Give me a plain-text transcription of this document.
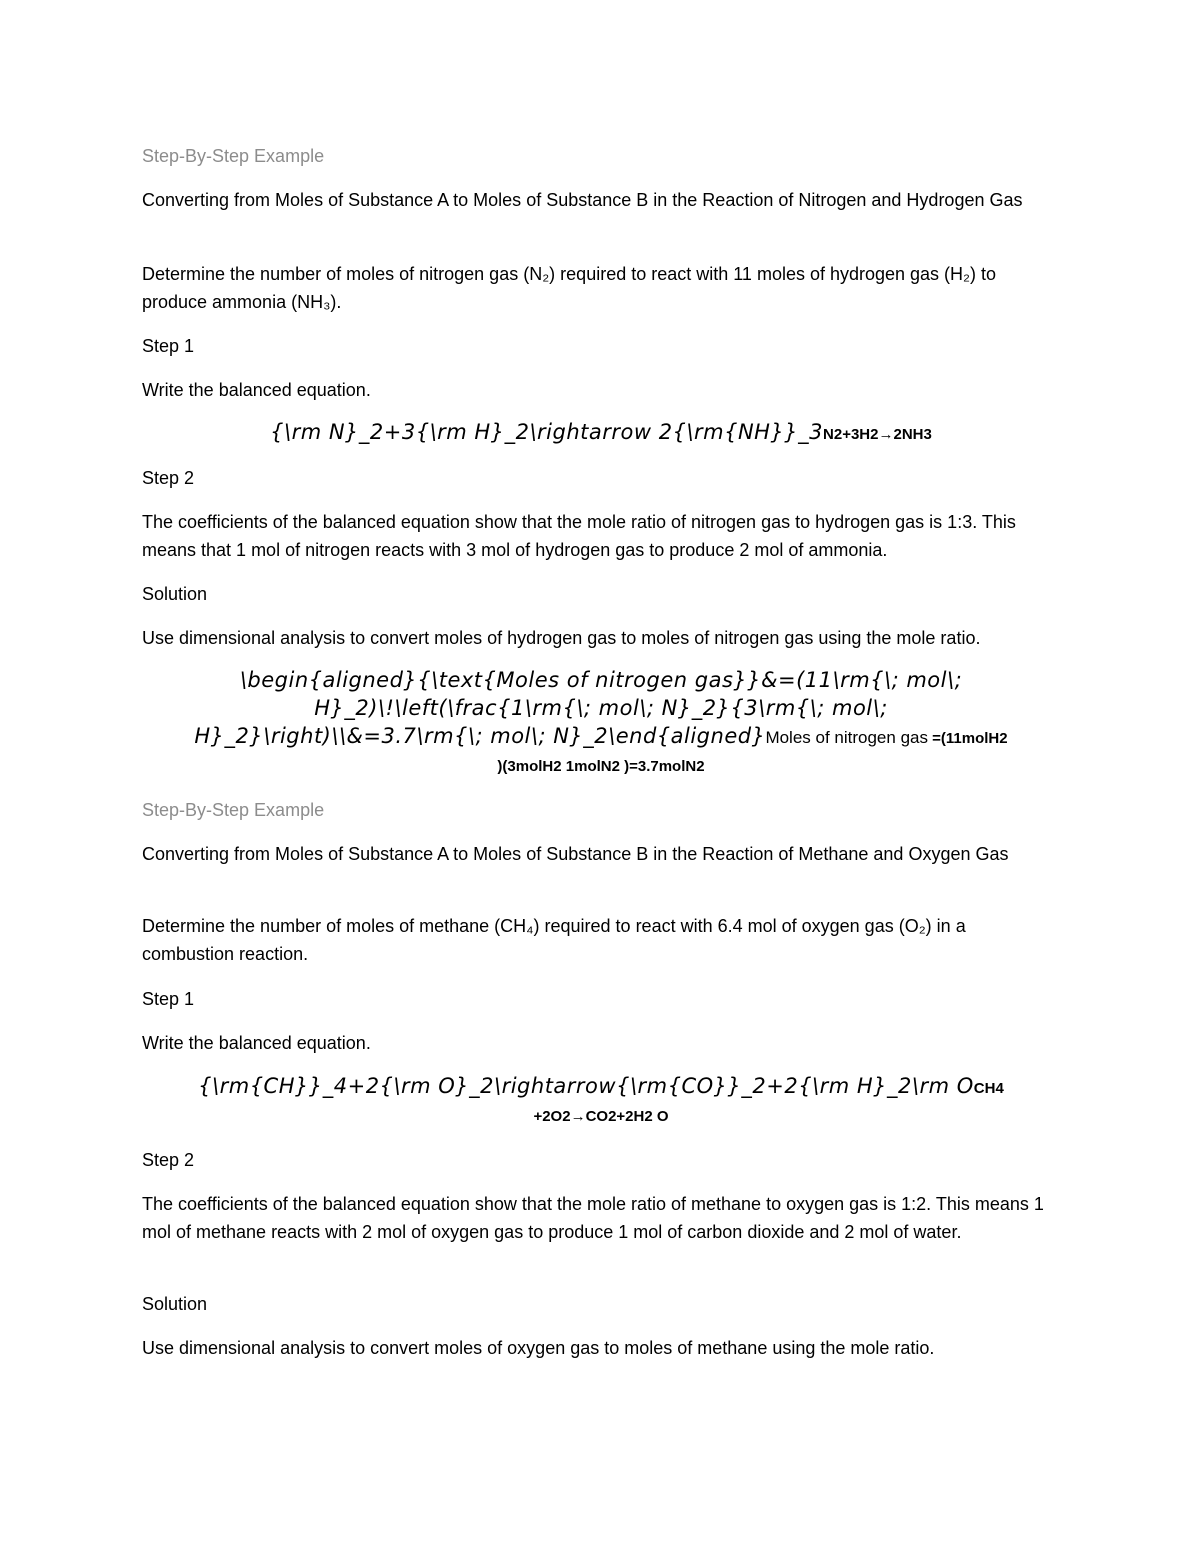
Step-By-Step Example
Converting from Moles of Substance A to Moles of Substance B in the Reaction of Nitrogen and Hydrogen Gas
Determine the number of moles of nitrogen gas (N₂) required to react with 11 moles of hydrogen gas (H₂) to produce ammonia (NH₃).
Step 1
Write the balanced equation.
{\rm N}_2+3{\rm H}_2\rightarrow 2{\rm{NH}}_3N2+3H2→2NH3
Step 2
The coefficients of the balanced equation show that the mole ratio of nitrogen gas to hydrogen gas is 1:3. This means that 1 mol of nitrogen reacts with 3 mol of hydrogen gas to produce 2 mol of ammonia.
Solution
Use dimensional analysis to convert moles of hydrogen gas to moles of nitrogen gas using the mole ratio.
\begin{aligned}{\text{Moles of nitrogen gas}}&=(11\rm{\; mol\;
H}_2)\!\left(\frac{1\rm{\; mol\; N}_2}{3\rm{\; mol\;
H}_2}\right)\\&=3.7\rm{\; mol\; N}_2\end{aligned}Moles of nitrogen gas =(11molH2
)(3molH2 1molN2 )=3.7molN2
Step-By-Step Example
Converting from Moles of Substance A to Moles of Substance B in the Reaction of Methane and Oxygen Gas
Determine the number of moles of methane (CH₄) required to react with 6.4 mol of oxygen gas (O₂) in a combustion reaction.
Step 1
Write the balanced equation.
{\rm{CH}}_4+2{\rm O}_2\rightarrow{\rm{CO}}_2+2{\rm H}_2\rm OCH4
+2O2→CO2+2H2 O
Step 2
The coefficients of the balanced equation show that the mole ratio of methane to oxygen gas is 1:2. This means 1 mol of methane reacts with 2 mol of oxygen gas to produce 1 mol of carbon dioxide and 2 mol of water.
Solution
Use dimensional analysis to convert moles of oxygen gas to moles of methane using the mole ratio.
